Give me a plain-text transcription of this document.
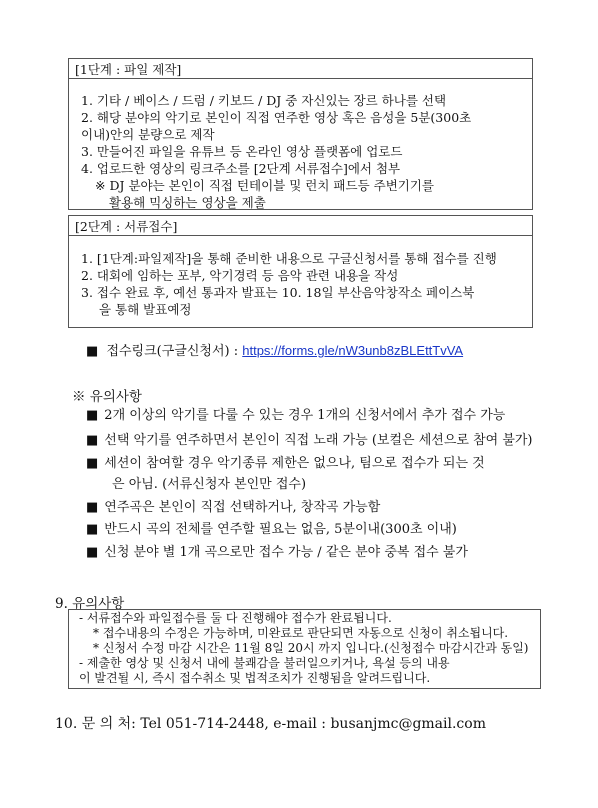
[1단계 : 파일 제작]
1. 기타 / 베이스 / 드럼 / 키보드 / DJ 중 자신있는 장르 하나를 선택
2. 해당 분야의 악기로 본인이 직접 연주한 영상 혹은 음성을 5분(300초
이내)안의 분량으로 제작
3. 만들어진 파일을 유튜브 등 온라인 영상 플랫폼에 업로드
4. 업로드한 영상의 링크주소를 [2단계 서류접수]에서 첨부
※ DJ 분야는 본인이 직접 턴테이블 및 런치 패드등 주변기기를
활용해 믹싱하는 영상을 제출
[2단계 : 서류접수]
1. [1단계:파일제작]을 통해 준비한 내용으로 구글신청서를 통해 접수를 진행
2. 대회에 임하는 포부, 악기경력 등 음악 관련 내용을 작성
3. 접수 완료 후, 예선 통과자 발표는 10. 18일 부산음악창작소 페이스북
을 통해 발표예정
■ 접수링크(구글신청서) : https://forms.gle/nW3unb8zBLEttTvVA
※ 유의사항
■ 2개 이상의 악기를 다룰 수 있는 경우 1개의 신청서에서 추가 접수 가능
■ 선택 악기를 연주하면서 본인이 직접 노래 가능 (보컬은 세션으로 참여 불가)
■ 세션이 참여할 경우 악기종류 제한은 없으나, 팀으로 접수가 되는 것
은 아님. (서류신청자 본인만 접수)
■ 연주곡은 본인이 직접 선택하거나, 창작곡 가능함
■ 반드시 곡의 전체를 연주할 필요는 없음, 5분이내(300초 이내)
■ 신청 분야 별 1개 곡으로만 접수 가능 / 같은 분야 중복 접수 불가
9. 유의사항
- 서류접수와 파일접수를 둘 다 진행해야 접수가 완료됩니다.
* 접수내용의 수정은 가능하며, 미완료로 판단되면 자동으로 신청이 취소됩니다.
* 신청서 수정 마감 시간은 11월 8일 20시 까지 입니다.(신청접수 마감시간과 동일)
- 제출한 영상 및 신청서 내에 불쾌감을 불러일으키거나, 욕설 등의 내용
이 발견될 시, 즉시 접수취소 및 법적조치가 진행됨을 알려드립니다.
10. 문 의 처: Tel 051-714-2448, e-mail : busanjmc@gmail.com
